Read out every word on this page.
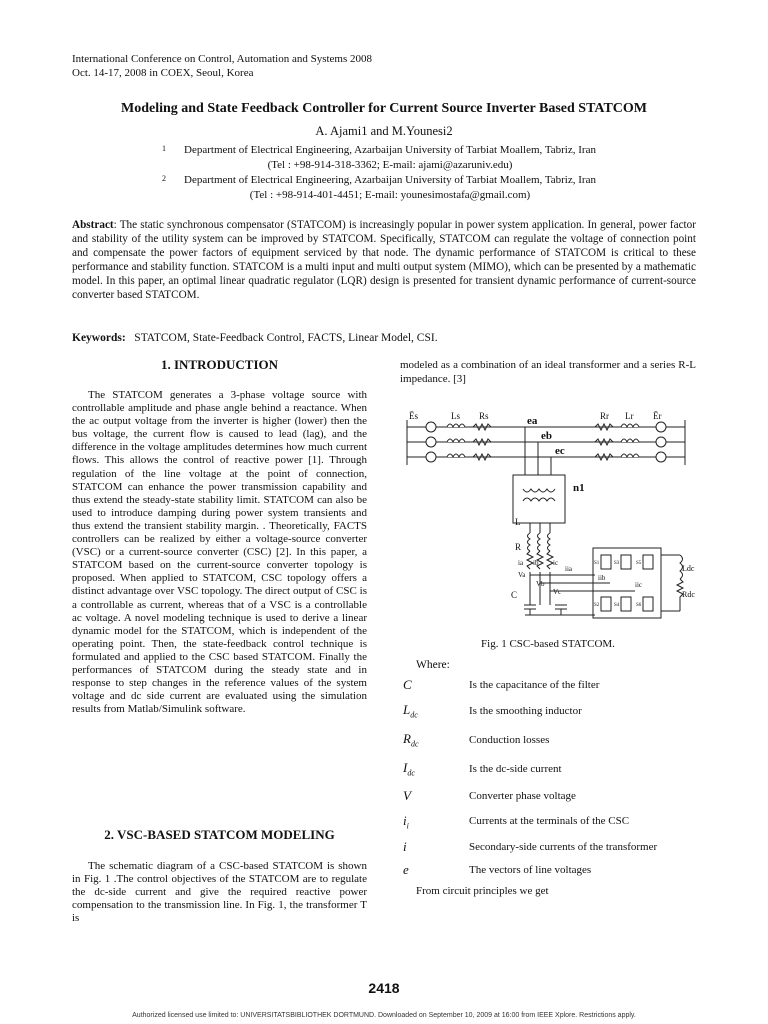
International Conference on Control, Automation and Systems 2008
Oct. 14-17, 2008 in COEX, Seoul, Korea
Modeling and State Feedback Controller for Current Source Inverter Based STATCOM
A. Ajami1 and M.Younesi2
1 Department of Electrical Engineering, Azarbaijan University of Tarbiat Moallem, Tabriz, Iran
(Tel : +98-914-318-3362; E-mail: ajami@azaruniv.edu)
2 Department of Electrical Engineering, Azarbaijan University of Tarbiat Moallem, Tabriz, Iran
(Tel : +98-914-401-4451; E-mail: younesimostafa@gmail.com)
Abstract: The static synchronous compensator (STATCOM) is increasingly popular in power system application. In general, power factor and stability of the utility system can be improved by STATCOM. Specifically, STATCOM can regulate the voltage of connection point and compensate the power factors of equipment serviced by that node. The dynamic performance of STATCOM is critical to these performance and stability function. STATCOM is a multi input and multi output system (MIMO), which can be presented by a mathematic model. In this paper, an optimal linear quadratic regulator (LQR) design is presented for transient dynamic performance of current-source converter based STATCOM.
Keywords: STATCOM, State-Feedback Control, FACTS, Linear Model, CSI.
1. INTRODUCTION

The STATCOM generates a 3-phase voltage source with controllable amplitude and phase angle behind a reactance. When the ac output voltage from the inverter is higher (lower) then the bus voltage, the current flow is caused to lead (lag), and the difference in the voltage amplitudes determines how much current flows. This allows the control of reactive power [1]. Through regulation of the line voltage at the point of connection, STATCOM can enhance the power transmission capability and thus extend the steady-state stability limit. STATCOM can also be used to introduce damping during power system transients and thus extend the transient stability margin. . Theoretically, FACTS controllers can be realized by either a voltage-source converter (VSC) or a current-source converter (CSC) [2]. In this paper, a STATCOM based on the current-source converter topology is proposed. When applied to STATCOM, CSC topology offers a distinct advantage over VSC topology. The direct output of CSC is a controllable as current, whereas that of a VSC is a controllable ac voltage. A novel modeling technique is used to derive a linear dynamic model for the STATCOM, which is independent of the operating point. Then, the state-feedback control technique is formulated and applied to the CSC based STATCOM. Finally the performances of STATCOM during the steady state and in response to step changes in the reference values of the system voltage and dc side current are evaluated using the simulation results from Matlab/Simulink software.

2. VSC-BASED STATCOM MODELING

The schematic diagram of a CSC-based STATCOM is shown in Fig. 1 .The control objectives of the STATCOM are to regulate the dc-side current and give the required reactive power compensation to the transmission line. In Fig. 1, the transformer T is

modeled as a combination of an ideal transformer and a series R-L impedance. [3]
Ēs	Ls Rs	ea
eb
ec
Rr Lr Ēr
n1
L
R
ia ib ic
Va
Vb
Vc
C
iia
iib
iic
S1	S3	S5
S2	S4	S6
Ldc
Rdc
Fig. 1 CSC-based STATCOM.
Where:
C	Is the capacitance of the filter
$L_{dc}$	Is the smoothing inductor
$R_{dc}$	Conduction losses
$I_{dc}$	Is the dc-side current
V	Converter phase voltage
$i_i$	Currents at the terminals of the CSC
i	Secondary-side currents of the transformer
e	The vectors of line voltages
From circuit principles we get
2418
Authorized licensed use limited to: UNIVERSITATSBIBLIOTHEK DORTMUND. Downloaded on September 10, 2009 at 16:00 from IEEE Xplore. Restrictions apply.
